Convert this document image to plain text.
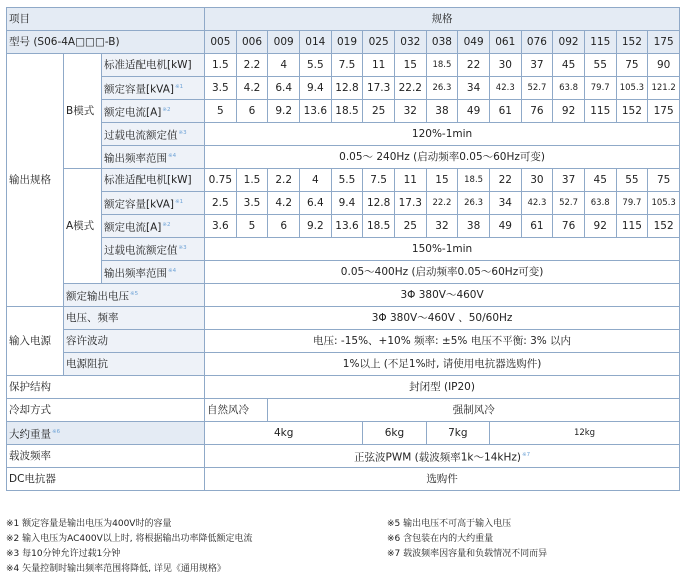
项目			规格														
型号 (S06-4A□□□-B)			005	006	009	014	019	025	032	038	049	061	076	092	115	152	175
输出规格	B模式	标准适配电机[kW]	1.5	2.2	4	5.5	7.5	11	15	18.5	22	30	37	45	55	75	90
		额定容量[kVA]$^{※1}$	3.5	4.2	6.4	9.4	12.8	17.3	22.2	26.3	34	42.3	52.7	63.8	79.7	105.3	121.2
		额定电流[A]$^{※2}$	5	6	9.2	13.6	18.5	25	32	38	49	61	76	92	115	152	175
		过载电流额定值$^{※3}$	120%-1min														
		输出频率范围$^{※4}$	0.05～ 240Hz (启动频率0.05～60Hz可变)														
	A模式	标准适配电机[kW]	0.75	1.5	2.2	4	5.5	7.5	11	15	18.5	22	30	37	45	55	75
		额定容量[kVA]$^{※1}$	2.5	3.5	4.2	6.4	9.4	12.8	17.3	22.2	26.3	34	42.3	52.7	63.8	79.7	105.3
		额定电流[A]$^{※2}$	3.6	5	6	9.2	13.6	18.5	25	32	38	49	61	76	92	115	152
		过载电流额定值$^{※3}$	150%-1min														
		输出频率范围$^{※4}$	0.05～400Hz (启动频率0.05～60Hz可变)														
	额定输出电压$^{※5}$		3Φ 380V～460V														
输入电源	电压、频率		3Φ 380V～460V 、50/60Hz														
	容许波动		电压: -15%、+10% 频率: ±5% 电压不平衡: 3% 以内														
	电源阻抗		1%以上 (不足1%时, 请使用电抗器选购件)														
保护结构			封闭型 (IP20)														
冷却方式			自然风冷		强制风冷												
大约重量$^{※6}$			4kg					6kg		7kg		12kg					
载波频率			正弦波PWM (载波频率1k～14kHz)$^{※7}$
DC电抗器			选购件														
※1 额定容量是输出电压为400V时的容量
※2 输入电压为AC400V以上时, 将根据输出功率降低额定电流
※3 每10分钟允许过载1分钟
※4 矢量控制时输出频率范围将降低, 详见《通用规格》
※5 输出电压不可高于输入电压
※6 含包装在内的大约重量
※7 载波频率因容量和负载情况不同而异
